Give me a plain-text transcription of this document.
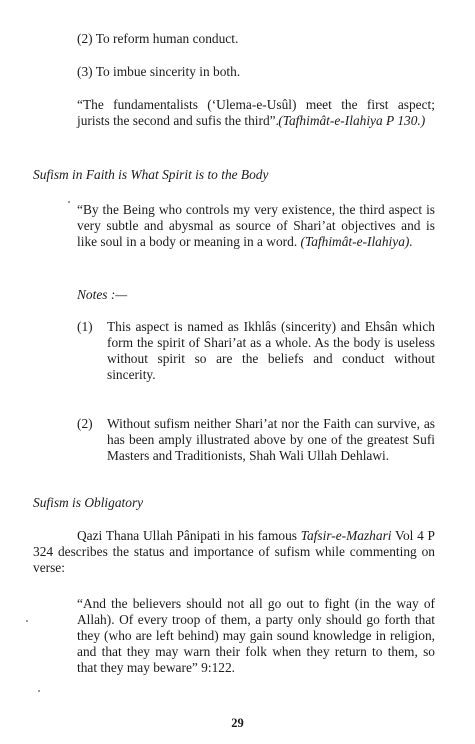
(2) To reform human conduct.

(3) To imbue sincerity in both.

“The fundamentalists (‘Ulema-e-Usûl) meet the first aspect; jurists the second and sufis the third”. (Tafhimât-e-Ilahiya P 130.)

Sufism in Faith is What Spirit is to the Body

“By the Being who controls my very existence, the third aspect is very subtle and abysmal as source of Shari’at objectives and is like soul in a body or meaning in a word. (Tafhimât-e-Ilahiya).

Notes :—

(1) This aspect is named as Ikhlâs (sincerity) and Ehsân which form the spirit of Shari’at as a whole. As the body is useless without spirit so are the beliefs and conduct without sincerity.
(2) Without sufism neither Shari’at nor the Faith can survive, as has been amply illustrated above by one of the greatest Sufi Masters and Traditionists, Shah Wali Ullah Dehlawi.

Sufism is Obligatory

Qazi Thana Ullah Pânipati in his famous Tafsir-e-Mazhari Vol 4 P 324 describes the status and importance of sufism while commenting on verse:

“And the believers should not all go out to fight (in the way of Allah). Of every troop of them, a party only should go forth that they (who are left behind) may gain sound knowledge in religion, and that they may warn their folk when they return to them, so that they may beware” 9:122.

29
